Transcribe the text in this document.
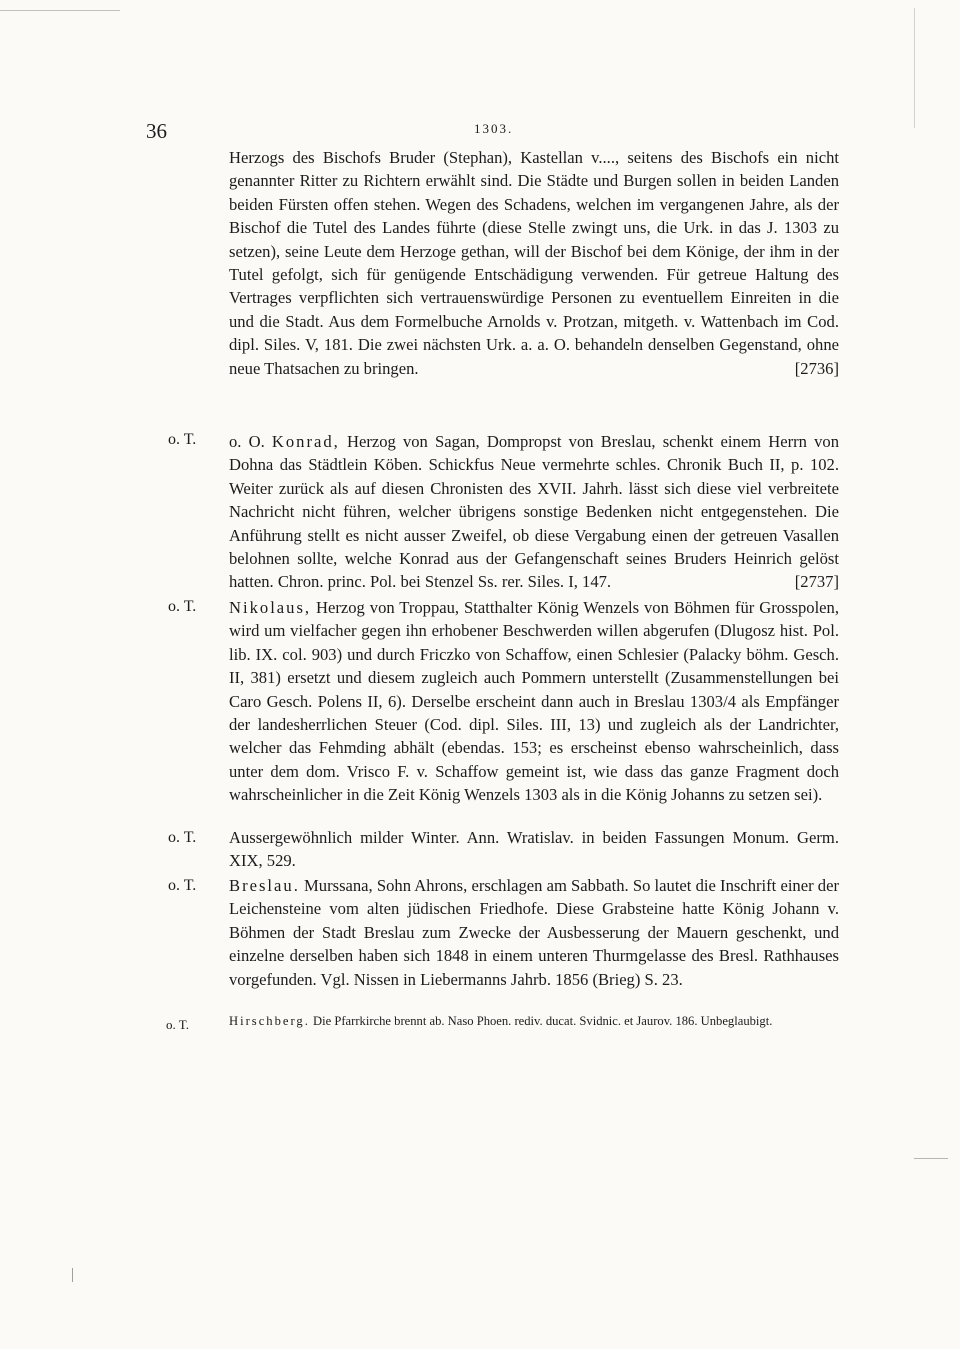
36	1303.
Herzogs des Bischofs Bruder (Stephan), Kastellan v...., seitens des Bischofs ein nicht genannter Ritter zu Richtern erwählt sind. Die Städte und Burgen sollen in beiden Landen beiden Fürsten offen stehen. Wegen des Schadens, welchen im vergangenen Jahre, als der Bischof die Tutel des Landes führte (diese Stelle zwingt uns, die Urk. in das J. 1303 zu setzen), seine Leute dem Herzoge gethan, will der Bischof bei dem Könige, der ihm in der Tutel gefolgt, sich für genügende Entschädigung verwenden. Für getreue Haltung des Vertrages verpflichten sich vertrauenswürdige Personen zu eventuellem Einreiten in die und die Stadt. Aus dem Formelbuche Arnolds v. Protzan, mitgeth. v. Wattenbach im Cod. dipl. Siles. V, 181. Die zwei nächsten Urk. a. a. O. behandeln denselben Gegenstand, ohne neue Thatsachen zu bringen.	[2736]
o. T. o. O. Konrad, Herzog von Sagan, Dompropst von Breslau, schenkt einem Herrn von Dohna das Städtlein Köben. Schickfus Neue vermehrte schles. Chronik Buch II, p. 102. Weiter zurück als auf diesen Chronisten des XVII. Jahrh. lässt sich diese viel verbreitete Nachricht nicht führen, welcher übrigens sonstige Bedenken nicht entgegenstehen. Die Anführung stellt es nicht ausser Zweifel, ob diese Vergabung einen der getreuen Vasallen belohnen sollte, welche Konrad aus der Gefangenschaft seines Bruders Heinrich gelöst hatten. Chron. princ. Pol. bei Stenzel Ss. rer. Siles. I, 147.	[2737]
o. T. Nikolaus, Herzog von Troppau, Statthalter König Wenzels von Böhmen für Grosspolen, wird um vielfacher gegen ihn erhobener Beschwerden willen abgerufen (Dlugosz hist. Pol. lib. IX. col. 903) und durch Friczko von Schaffow, einen Schlesier (Palacky böhm. Gesch. II, 381) ersetzt und diesem zugleich auch Pommern unterstellt (Zusammenstellungen bei Caro Gesch. Polens II, 6). Derselbe erscheint dann auch in Breslau 1303/4 als Empfänger der landesherrlichen Steuer (Cod. dipl. Siles. III, 13) und zugleich als der Landrichter, welcher das Fehmding abhält (ebendas. 153; es erscheinst ebenso wahrscheinlich, dass unter dem dom. Vrisco F. v. Schaffow gemeint ist, wie dass das ganze Fragment doch wahrscheinlicher in die Zeit König Wenzels 1303 als in die König Johanns zu setzen sei).
o. T. Aussergewöhnlich milder Winter. Ann. Wratislav. in beiden Fassungen Monum. Germ. XIX, 529.
o. T. Breslau. Murssana, Sohn Ahrons, erschlagen am Sabbath. So lautet die Inschrift einer der Leichensteine vom alten jüdischen Friedhofe. Diese Grabsteine hatte König Johann v. Böhmen der Stadt Breslau zum Zwecke der Ausbesserung der Mauern geschenkt, und einzelne derselben haben sich 1848 in einem unteren Thurmgelasse des Bresl. Rathhauses vorgefunden. Vgl. Nissen in Liebermanns Jahrb. 1856 (Brieg) S. 23.
o. T.	Hirschberg. Die Pfarrkirche brennt ab. Naso Phoen. rediv. ducat. Svidnic. et Jaurov. 186. Unbeglaubigt.
